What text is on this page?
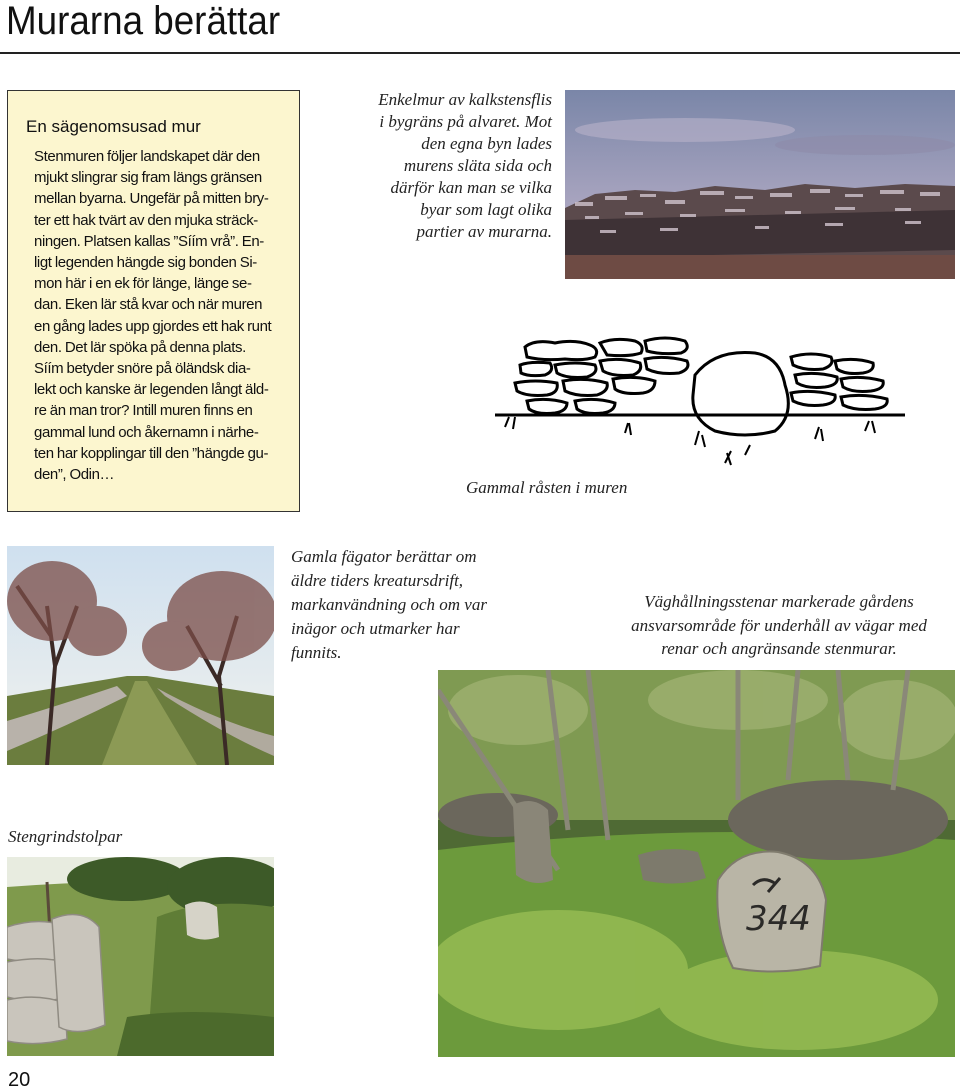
Murarna berättar
En sägenomsusad mur
Stenmuren följer landskapet där den
mjukt slingrar sig fram längs gränsen
mellan byarna. Ungefär på mitten bry-
ter ett hak tvärt av den mjuka sträck-
ningen. Platsen kallas ”Síím vrå”. En-
ligt legenden hängde sig bonden Si-
mon här i en ek för länge, länge se-
dan. Eken lär stå kvar och när muren
en gång lades upp gjordes ett hak runt
den. Det lär spöka på denna plats.
Síím betyder snöre på öländsk dia-
lekt och kanske är legenden långt äld-
re än man tror? Intill muren finns en
gammal lund och åkernamn i närhe-
ten har kopplingar till den ”hängde gu-
den”, Odin…
Enkelmur av kalkstensflis
i bygräns på alvaret. Mot
den egna byn lades
murens släta sida och
därför kan man se vilka
byar som lagt olika
partier av murarna.
Gammal råsten i muren
Gamla fägator berättar om
äldre tiders kreatursdrift,
markanvändning och om var
inägor och utmarker har
funnits.
Väghållningsstenar markerade gårdens
ansvarsområde för underhåll av vägar med
renar och angränsande stenmurar.
344
Stengrindstolpar
20
